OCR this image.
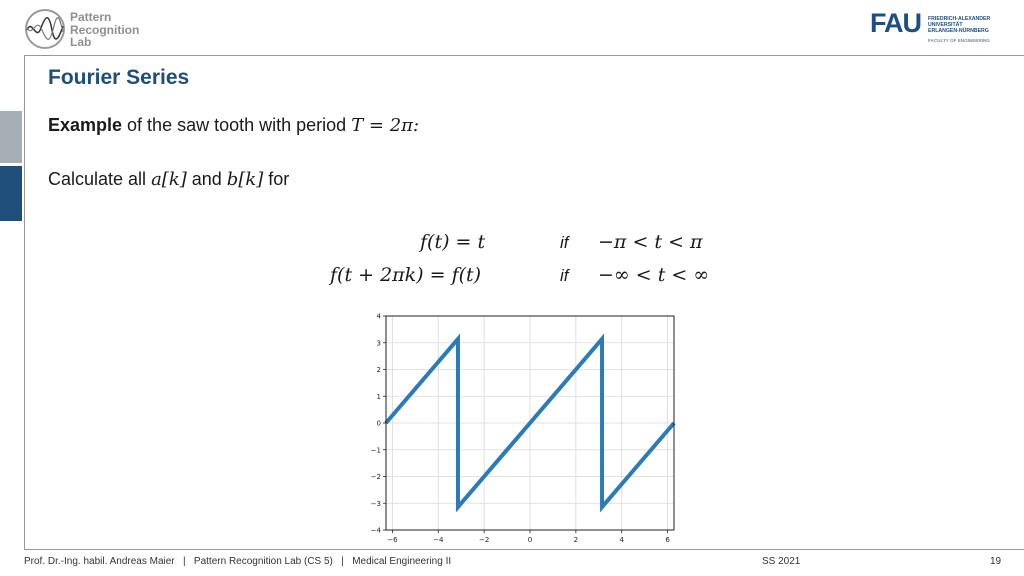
Pattern
Recognition
Lab
FAU FRIEDRICH-ALEXANDER
UNIVERSITÄT
ERLANGEN-NÜRNBERG
FACULTY OF ENGINEERING
Fourier Series
Example of the saw tooth with period T = 2π:
Calculate all a[k] and b[k] for
f(t) = t	if −π < t < π
f(t + 2πk) = f(t)	if −∞ < t < ∞
−6	−4	−2	0	2	4	6
4
3
2
1
0
−1
−2
−3
−4
Prof. Dr.-Ing. habil. Andreas Maier | Pattern Recognition Lab (CS 5) | Medical Engineering II	SS 2021	19
